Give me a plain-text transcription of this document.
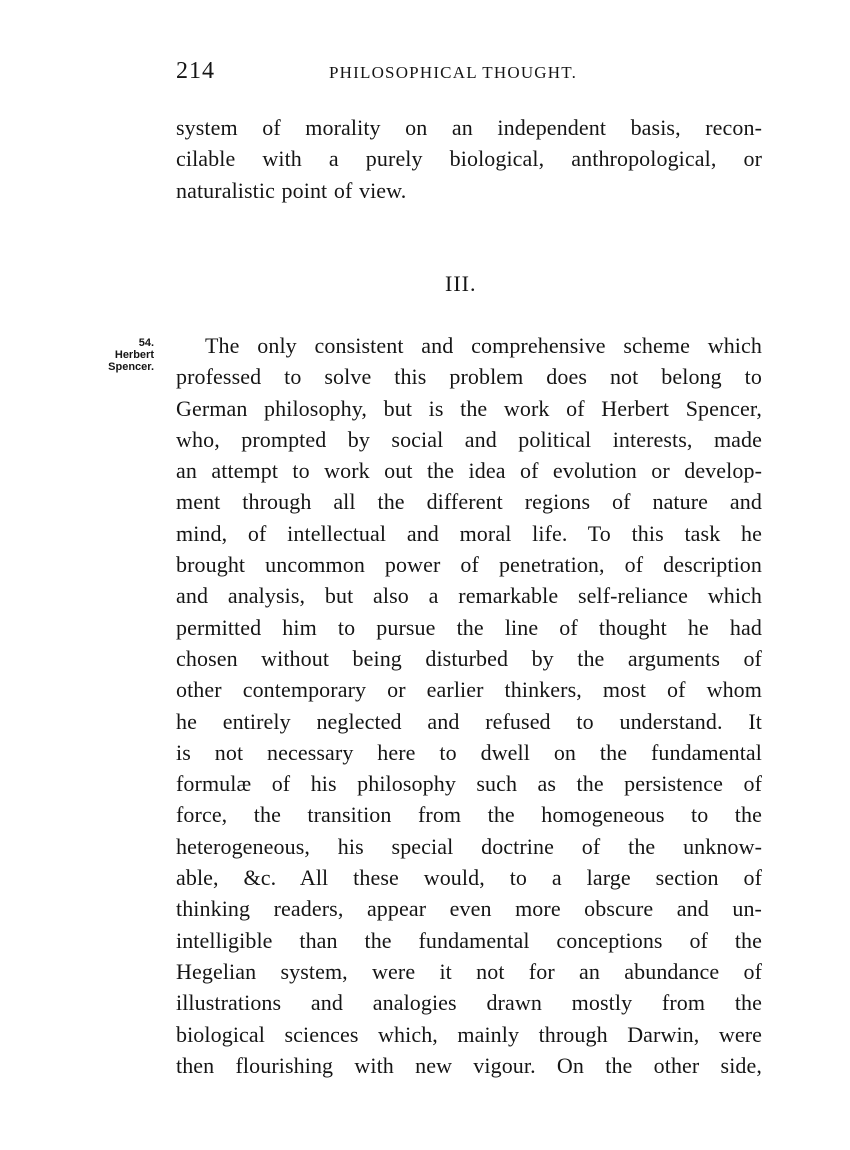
214	PHILOSOPHICAL THOUGHT.
system of morality on an independent basis, recon-
cilable with a purely biological, anthropological, or
naturalistic point of view.
III.
54.
Herbert
Spencer.
The only consistent and comprehensive scheme which
professed to solve this problem does not belong to
German philosophy, but is the work of Herbert Spencer,
who, prompted by social and political interests, made
an attempt to work out the idea of evolution or develop-
ment through all the different regions of nature and
mind, of intellectual and moral life. To this task he
brought uncommon power of penetration, of description
and analysis, but also a remarkable self-reliance which
permitted him to pursue the line of thought he had
chosen without being disturbed by the arguments of
other contemporary or earlier thinkers, most of whom
he entirely neglected and refused to understand. It
is not necessary here to dwell on the fundamental
formulæ of his philosophy such as the persistence of
force, the transition from the homogeneous to the
heterogeneous, his special doctrine of the unknow-
able, &c. All these would, to a large section of
thinking readers, appear even more obscure and un-
intelligible than the fundamental conceptions of the
Hegelian system, were it not for an abundance of
illustrations and analogies drawn mostly from the
biological sciences which, mainly through Darwin, were
then flourishing with new vigour. On the other side,
